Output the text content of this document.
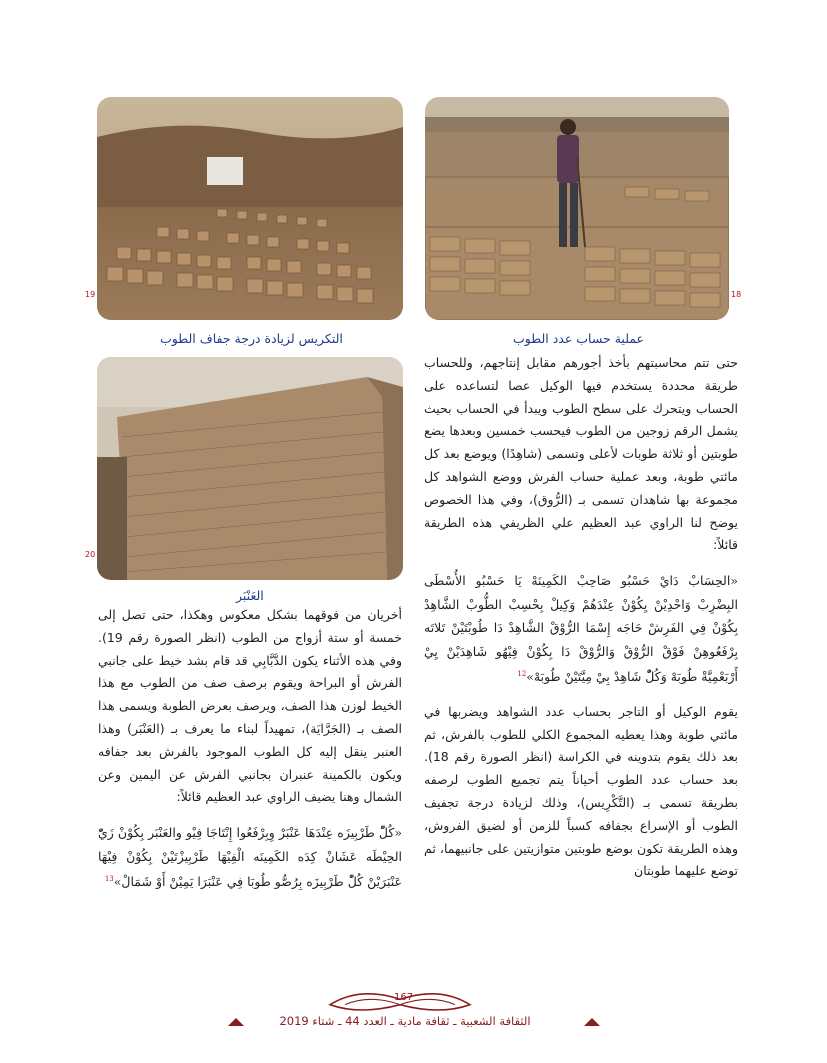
19
التكريس لزيادة درجة جفاف الطوب
18
عملية حساب عدد الطوب
20
العَنْبَر

حتى تتم محاسبتهم بأخذ أجورهم مقابل إنتاجهم، وللحساب طريقة محددة يستخدم فيها الوكيل عصا لتساعده على الحساب ويتحرك على سطح الطوب ويبدأ في الحساب بحيث يشمل الرقم زوجين من الطوب فيحسب خمسين وبعدها يضع طوبتين أو ثلاثة طوبات لأعلى وتسمى (شاهِدًا) ويوضع بعد كل مائتي طوبة، وبعد عملية حساب الفرش ووضع الشواهد كل مجموعة بها شاهدان تسمى بـ (الرُّوق)، وفي هذا الخصوص يوضح لنا الراوي عبد العظيم علي الظريفي هذه الطريقة قائلاً:

«الحِسَابْ دَايْ حَسْبُو صَاحِبْ الكَمِينَهْ يَا حَسْبُو الأُسْطَى البِضْرِبْ وَاحْدِيْنْ يِكُوْنْ عِنْدَهُمْ وَكِيلْ بِحْسِبْ الطُّوبْ الشَّاهِدْ بِكُوْنْ فِي الفَرِشْ حَاجَه إِسْمَا الرُّوْقْ الشَّاهِدْ دَا طُوبْتَيْنْ تَلاتَه بِرْفَعُوهِنْ فَوْقْ الرُّوْقْ وَالرُّوْقْ دَا بِكُوْنْ فِيْهُو شَاهِدَيْنْ يِيْ أَرْبَعْمِيَّةْ طُوبَهْ وَكُلّْ شَاهِدْ بِيْ مِيَّتَيْنْ طُوبَهْ»$^{12}$

يقوم الوكيل أو التاجر بحساب عدد الشواهد ويضربها في مائتي طوبة وهذا يعطيه المجموع الكلي للطوب بالفرش، ثم بعد ذلك يقوم بتدوينه في الكراسة (انظر الصورة رقم 18). بعد حساب عدد الطوب أحياناً يتم تجميع الطوب لرصفه بطريقة تسمى بـ (التَّكْرِيس)، وذلك لزيادة درجة تجفيف الطوب أو الإسراع بجفافه كسباً للزمن أو لضيق الفروش، وهذه الطريقة تكون بوضع طوبتين متوازيتين على جانبيهما، ثم توضع عليهما طوبتان

أخريان من فوقهما بشكل معكوس وهكذا، حتى تصل إلى خمسة أو ستة أزواج من الطوب (انظر الصورة رقم 19). وفي هذه الأثناء يكون الدَّبَّابِي قد قام بشد خيط على جانبي الفرش أو البراحة ويقوم برصف صف من الطوب مع هذا الخيط لوزن هذا الصف، ويرصف بعرض الطوبة ويسمى هذا الصف بـ (الجَرَّايَة)، تمهيداً لبناء ما يعرف بـ (العَنْبَر) وهذا العنبر ينقل إليه كل الطوب الموجود بالفرش بعد جفافه ويكون بالكمينة عنبران بجانبي الفرش عن اليمين وعن الشمال وهنا يضيف الراوي عبد العظيم قائلاً:

«كُلّْ طَرْبِيزَه عِنْدَهَا عَنْبَرْ وِبِرْفَعُوا إِنْتَاجَا فِيْو والعَنْبَر بِكُوْنْ زَيّْ الحِيْطَه عَشَانْ كِدَه الكَمِينَه الْفِيْهَا طَرْبِيزْتَيْنْ بِكُوْنْ فِيْهَا عَنْبَرَيْنْ كُلّْ طَرْبِيزَه بِرُصُّو طُوبَا فِي عَنْبَرَا يَمِيْنْ أَوْ شَمَالْ»$^{13}$

167
الثقافة الشعبية ـ ثقافة مادية ـ العدد 44 ـ شتاء 2019
